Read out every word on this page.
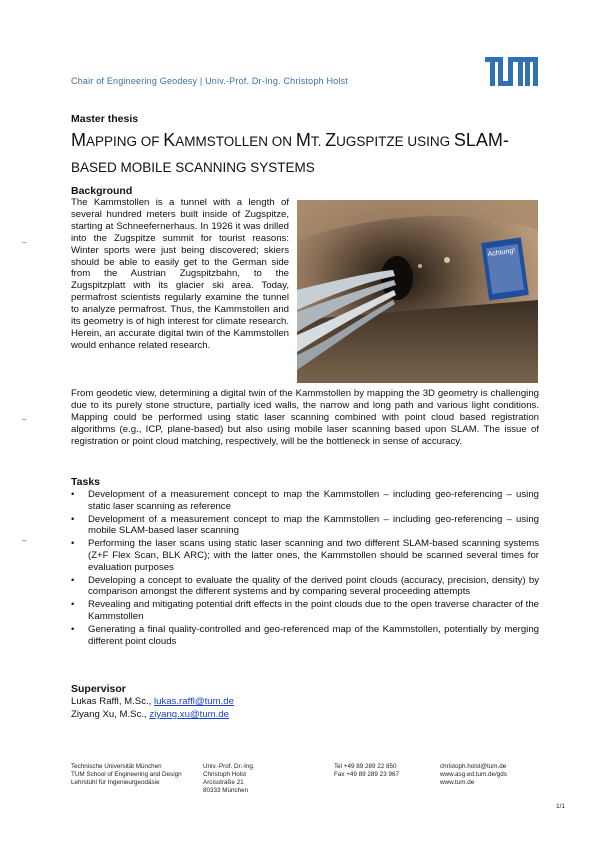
Chair of Engineering Geodesy | Univ.-Prof. Dr-Ing. Christoph Holst
Master thesis
MAPPING OF KAMMSTOLLEN ON MT. ZUGSPITZE USING SLAM-
BASED MOBILE SCANNING SYSTEMS
Background
The Kammstollen is a tunnel with a length of several hundred meters built inside of Zugspitze, starting at Schneefernerhaus. In 1926 it was drilled into the Zugspitze summit for tourist reasons: Winter sports were just being discovered; skiers should be able to easily get to the German side from the Austrian Zugspitzbahn, to the Zugspitzplatt with its glacier ski area. Today, permafrost scientists regularly examine the tunnel to analyze permafrost. Thus, the Kammstollen and its geometry is of high interest for climate research. Herein, an accurate digital twin of the Kammstollen would enhance related research.
Achtung!
From geodetic view, determining a digital twin of the Kammstollen by mapping the 3D geometry is challenging due to its purely stone structure, partially iced walls, the narrow and long path and various light conditions. Mapping could be performed using static laser scanning combined with point cloud based registration algorithms (e.g., ICP, plane-based) but also using mobile laser scanning based upon SLAM. The issue of registration or point cloud matching, respectively, will be the bottleneck in sense of accuracy.
Tasks
• Development of a measurement concept to map the Kammstollen – including geo-referencing – using static laser scanning as reference
• Development of a measurement concept to map the Kammstollen – including geo-referencing – using mobile SLAM-based laser scanning
• Performing the laser scans using static laser scanning and two different SLAM-based scanning systems (Z+F Flex Scan, BLK ARC); with the latter ones, the Kammstollen should be scanned several times for evaluation purposes
• Developing a concept to evaluate the quality of the derived point clouds (accuracy, precision, density) by comparison amongst the different systems and by comparing several proceeding attempts
• Revealing and mitigating potential drift effects in the point clouds due to the open traverse character of the Kammstollen
• Generating a final quality-controlled and geo-referenced map of the Kammstollen, potentially by merging different point clouds
Supervisor
Lukas Raffl, M.Sc., lukas.raffl@tum.de
Ziyang Xu, M.Sc., ziyang.xu@tum.de
–
–
–
Technische Universität München
TUM School of Engineering and Design
Lehrstuhl für Ingenieurgeodäsie
Univ.-Prof. Dr.-Ing.
Christoph Holst
Arcisstraße 21
80333 München
Tel +49 89 289 22 850
Fax +49 89 289 23 967
christoph.holst@tum.de
www.asg.ed.tum.de/gds
www.tum.de
1/1
